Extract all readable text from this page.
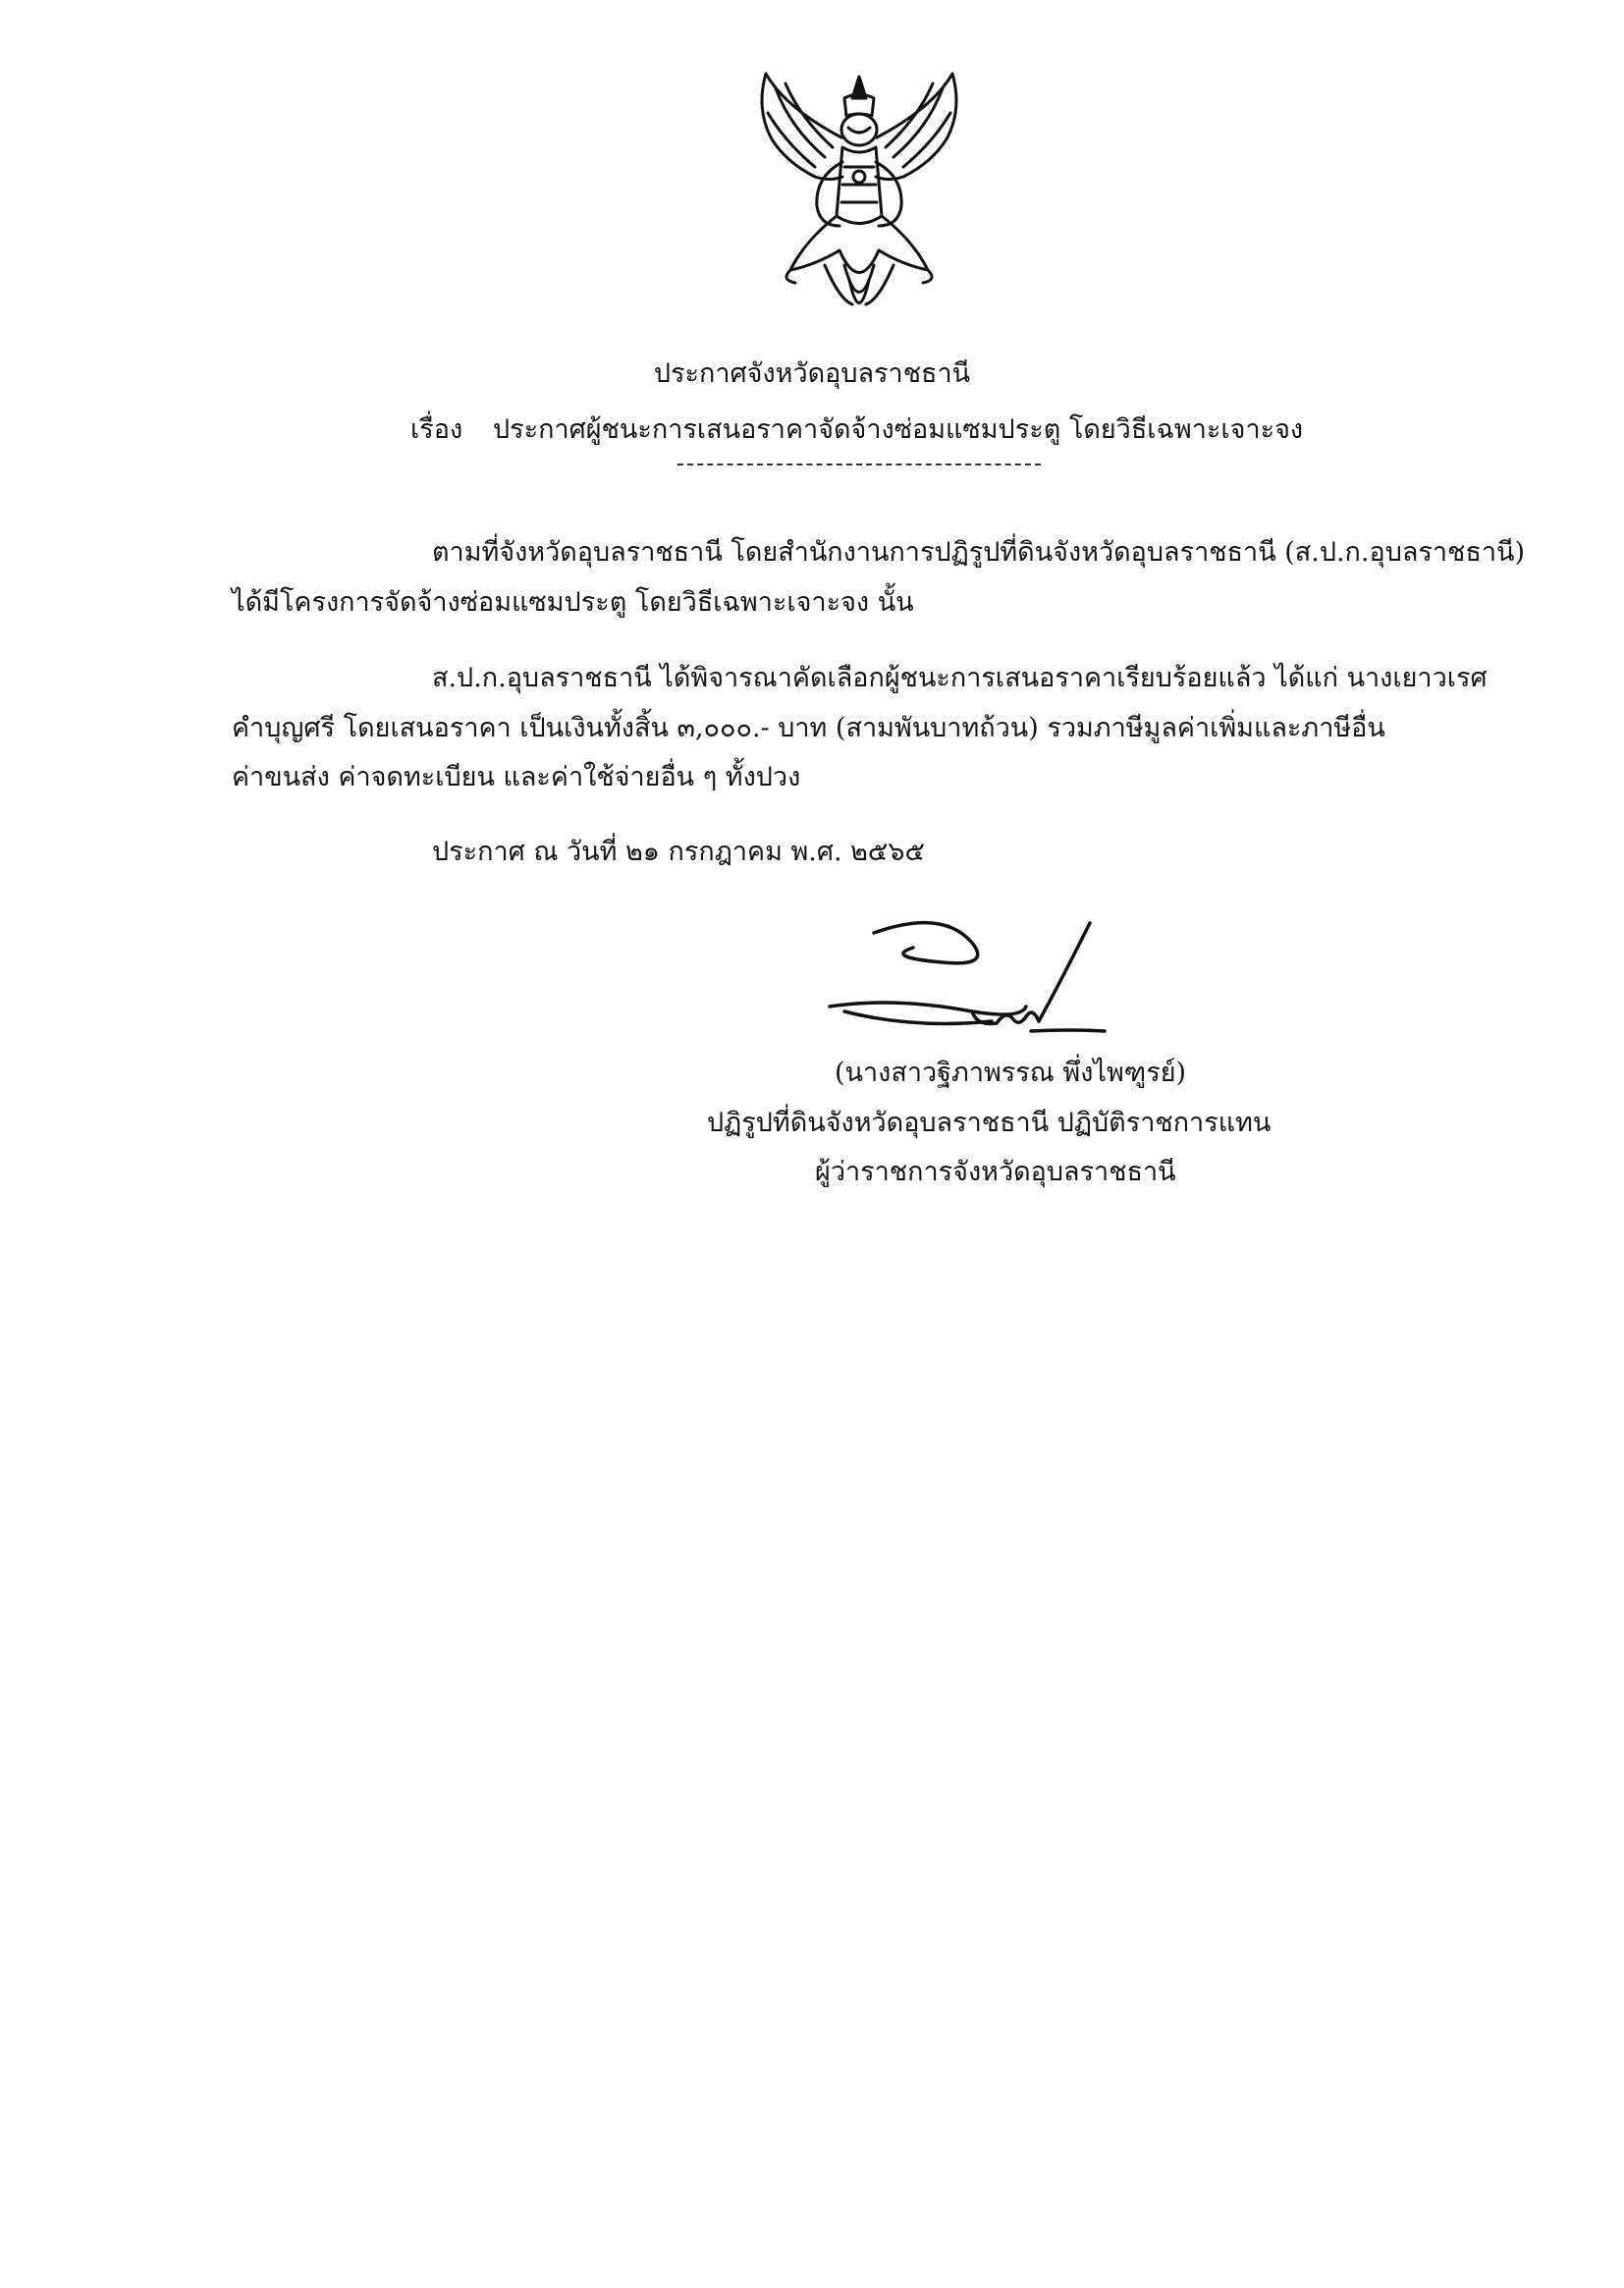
ประกาศจังหวัดอุบลราชธานี
เรื่อง ประกาศผู้ชนะการเสนอราคาจัดจ้างซ่อมแซมประตู โดยวิธีเฉพาะเจาะจง
ตามที่จังหวัดอุบลราชธานี โดยสำนักงานการปฏิรูปที่ดินจังหวัดอุบลราชธานี (ส.ป.ก.อุบลราชธานี)
ได้มีโครงการจัดจ้างซ่อมแซมประตู โดยวิธีเฉพาะเจาะจง นั้น
ส.ป.ก.อุบลราชธานี ได้พิจารณาคัดเลือกผู้ชนะการเสนอราคาเรียบร้อยแล้ว ได้แก่ นางเยาวเรศ
คำบุญศรี โดยเสนอราคา เป็นเงินทั้งสิ้น ๓,๐๐๐.- บาท (สามพันบาทถ้วน) รวมภาษีมูลค่าเพิ่มและภาษีอื่น
ค่าขนส่ง ค่าจดทะเบียน และค่าใช้จ่ายอื่น ๆ ทั้งปวง
ประกาศ ณ วันที่ ๒๑ กรกฎาคม พ.ศ. ๒๕๖๕
(นางสาวฐิภาพรรณ พึ่งไพฑูรย์)
ปฏิรูปที่ดินจังหวัดอุบลราชธานี ปฏิบัติราชการแทน
ผู้ว่าราชการจังหวัดอุบลราชธานี
